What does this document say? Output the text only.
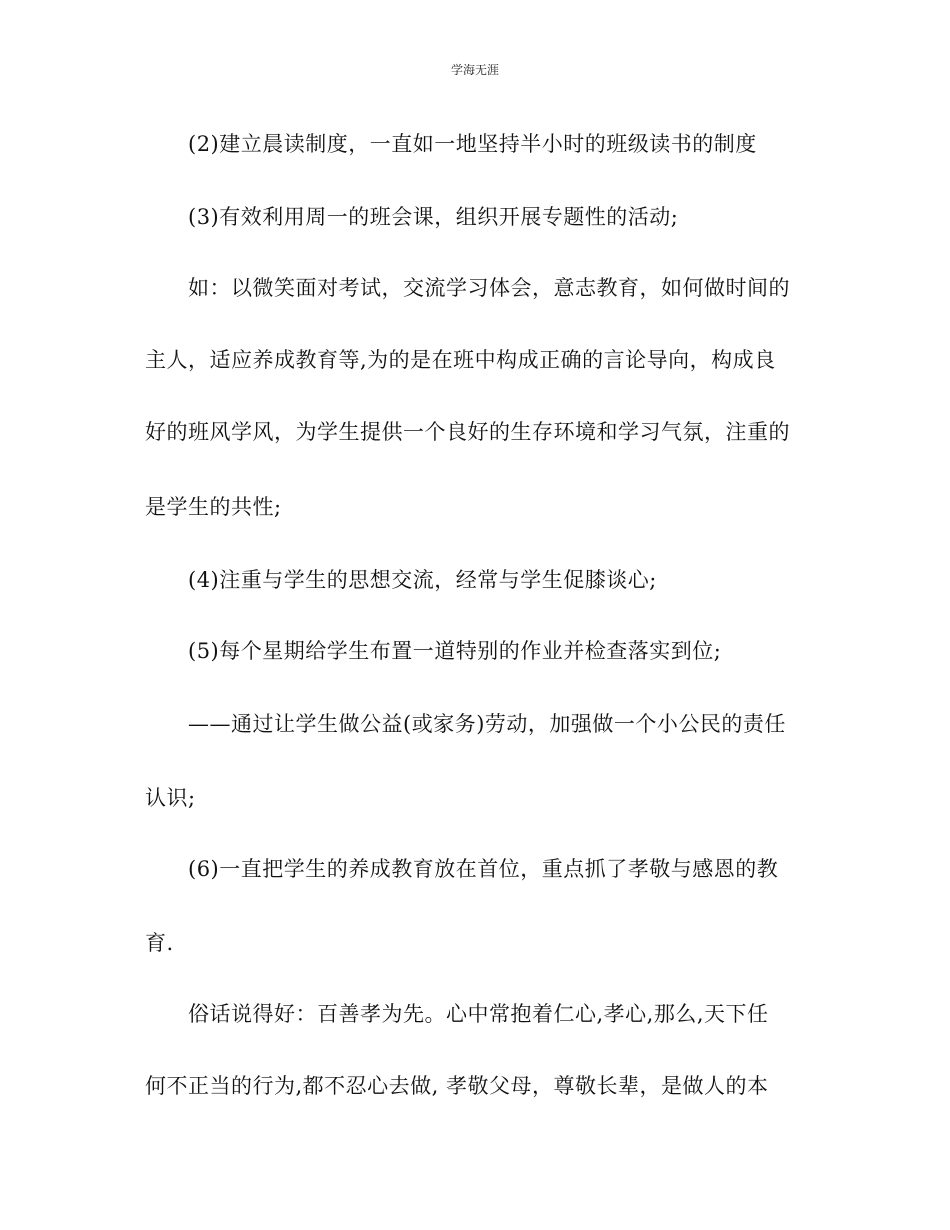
学海无涯
(2)建立晨读制度，一直如一地坚持半小时的班级读书的制度
(3)有效利用周一的班会课，组织开展专题性的活动;
如：以微笑面对考试，交流学习体会，意志教育，如何做时间的
主人，适应养成教育等,为的是在班中构成正确的言论导向，构成良
好的班风学风，为学生提供一个良好的生存环境和学习气氛，注重的
是学生的共性;
(4)注重与学生的思想交流，经常与学生促膝谈心;
(5)每个星期给学生布置一道特别的作业并检查落实到位;
——通过让学生做公益(或家务)劳动，加强做一个小公民的责任
认识;
(6)一直把学生的养成教育放在首位，重点抓了孝敬与感恩的教
育.
俗话说得好：百善孝为先。心中常抱着仁心,孝心,那么,天下任
何不正当的行为,都不忍心去做, 孝敬父母，尊敬长辈，是做人的本
